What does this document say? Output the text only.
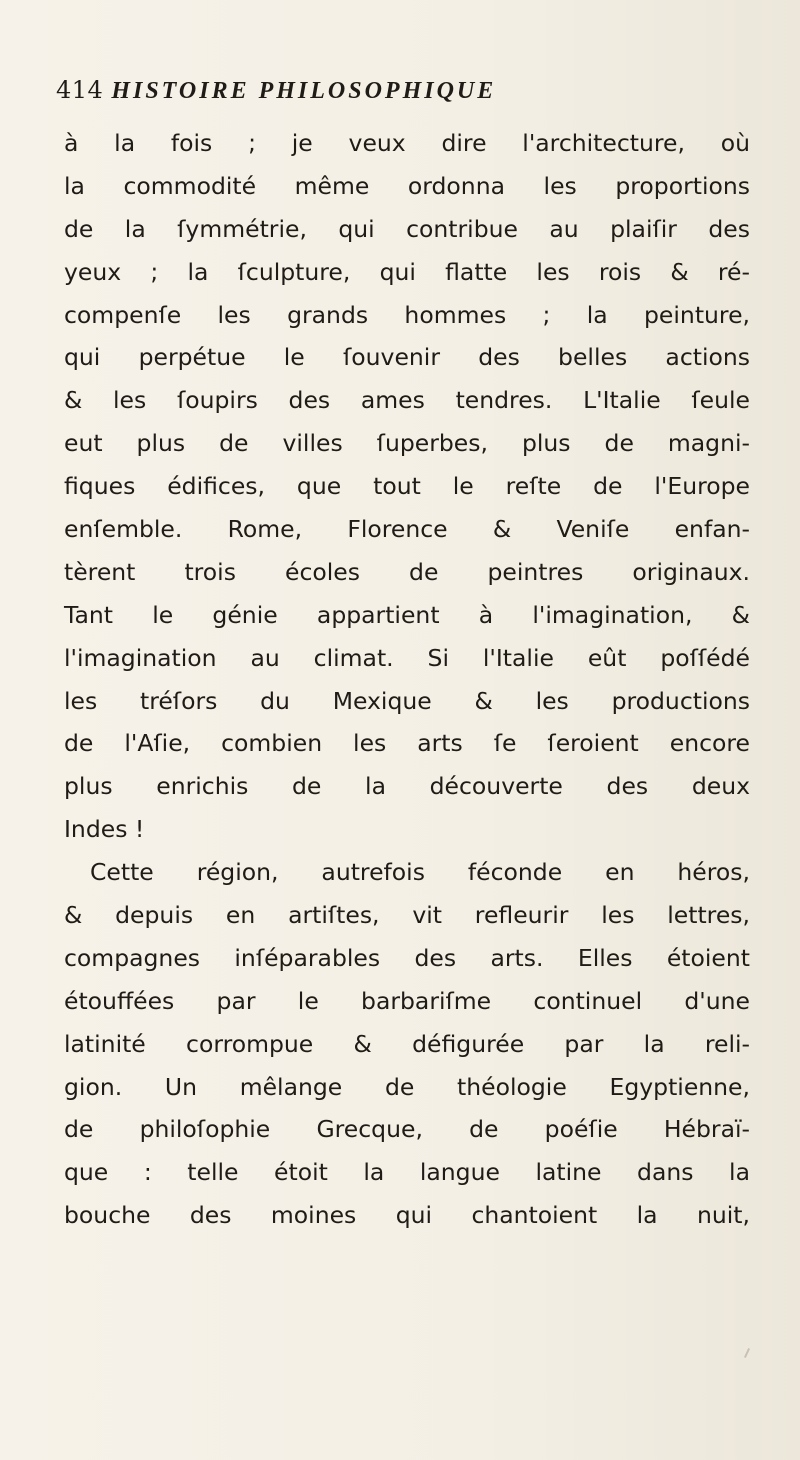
414 HISTOIRE PHILOSOPHIQUE
à la fois ; je veux dire l'architecture, où
la commodité même ordonna les proportions
de la ſymmétrie, qui contribue au plaiſir des
yeux ; la ſculpture, qui flatte les rois & ré-
compenſe les grands hommes ; la peinture,
qui perpétue le ſouvenir des belles actions
& les ſoupirs des ames tendres. L'Italie ſeule
eut plus de villes ſuperbes, plus de magni-
fiques édifices, que tout le reſte de l'Europe
enſemble. Rome, Florence & Veniſe enfan-
tèrent trois écoles de peintres originaux.
Tant le génie appartient à l'imagination, &
l'imagination au climat. Si l'Italie eût poſſédé
les tréſors du Mexique & les productions
de l'Aſie, combien les arts ſe ſeroient encore
plus enrichis de la découverte des deux
Indes !
Cette région, autrefois féconde en héros,
& depuis en artiſtes, vit refleurir les lettres,
compagnes inſéparables des arts. Elles étoient
étouffées par le barbariſme continuel d'une
latinité corrompue & défigurée par la reli-
gion. Un mêlange de théologie Egyptienne,
de philoſophie Grecque, de poéſie Hébraï-
que : telle étoit la langue latine dans la
bouche des moines qui chantoient la nuit,
